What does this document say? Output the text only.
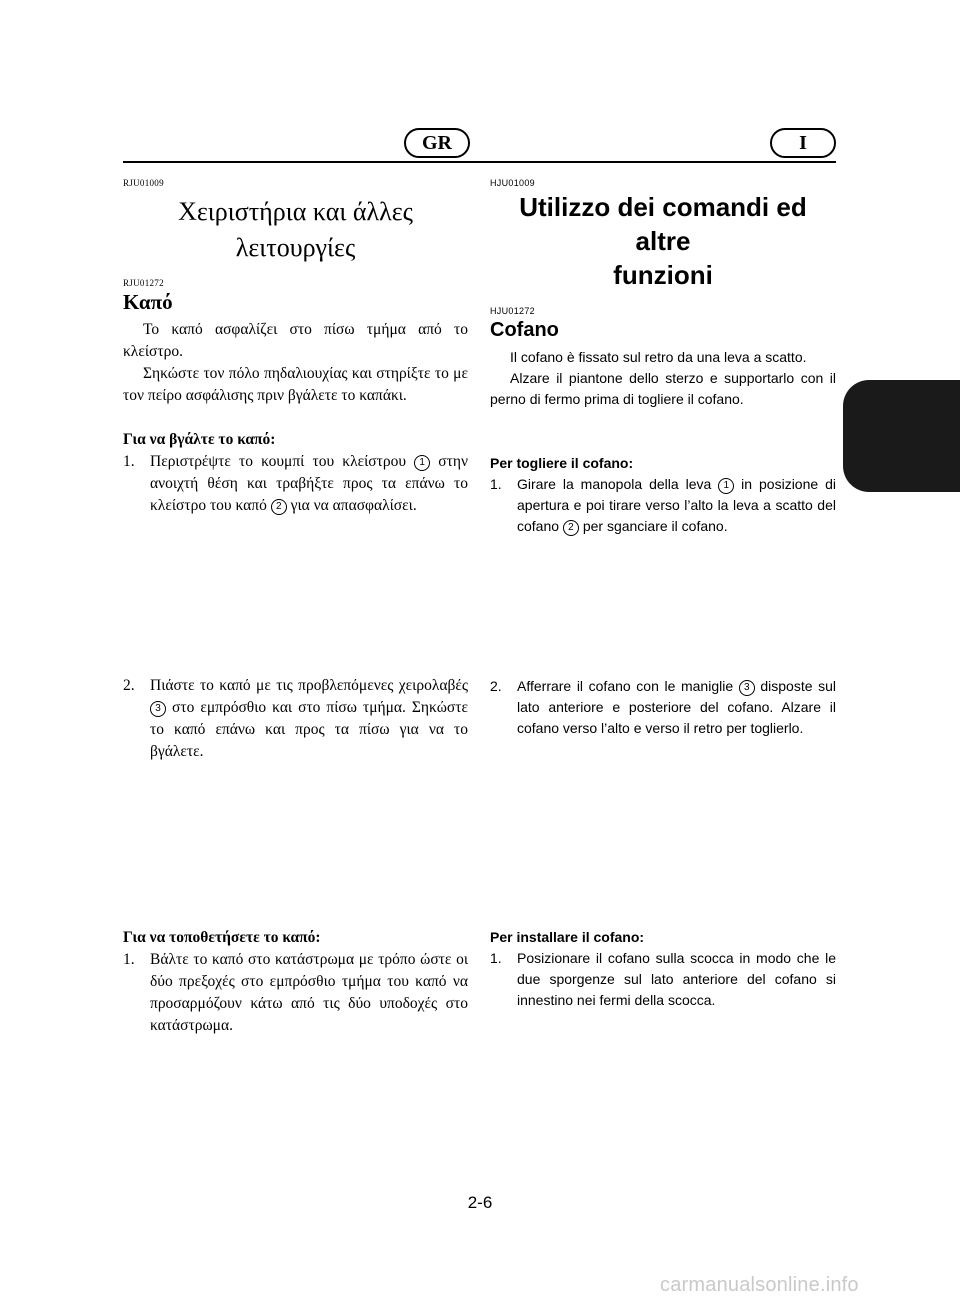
GR	I
RJU01009
Χειριστήρια και άλλες
λειτουργίες
RJU01272
Καπό

Το καπό ασφαλίζει στο πίσω τμήμα από το κλείστρο.

Σηκώστε τον πόλο πηδαλιουχίας και στηρίξτε το με τον πείρο ασφάλισης πριν βγάλετε το καπάκι.

Για να βγάλτε το καπό:
1. Περιστρέψτε το κουμπί του κλείστρου 1 στην ανοιχτή θέση και τραβήξτε προς τα επάνω το κλείστρο του καπό 2 για να απασφαλίσει.
2. Πιάστε το καπό με τις προβλεπόμενες χειρολαβές 3 στο εμπρόσθιο και στο πίσω τμήμα. Σηκώστε το καπό επάνω και προς τα πίσω για να το βγάλετε.
Για να τοποθετήσετε το καπό:
1. Βάλτε το καπό στο κατάστρωμα με τρόπο ώστε οι δύο πρεξοχές στο εμπρόσθιο τμήμα του καπό να προσαρμόζουν κάτω από τις δύο υποδοχές στο κατάστρωμα.
HJU01009
Utilizzo dei comandi ed altre
funzioni
HJU01272
Cofano

Il cofano è fissato sul retro da una leva a scatto.

Alzare il piantone dello sterzo e supportarlo con il perno di fermo prima di togliere il cofano.

Per togliere il cofano:
1. Girare la manopola della leva 1 in posizione di apertura e poi tirare verso l’alto la leva a scatto del cofano 2 per sganciare il cofano.
2. Afferrare il cofano con le maniglie 3 disposte sul lato anteriore e posteriore del cofano. Alzare il cofano verso l’alto e verso il retro per toglierlo.
Per installare il cofano:
1. Posizionare il cofano sulla scocca in modo che le due sporgenze sul lato anteriore del cofano si innestino nei fermi della scocca.
2-6
carmanualsonline.info
